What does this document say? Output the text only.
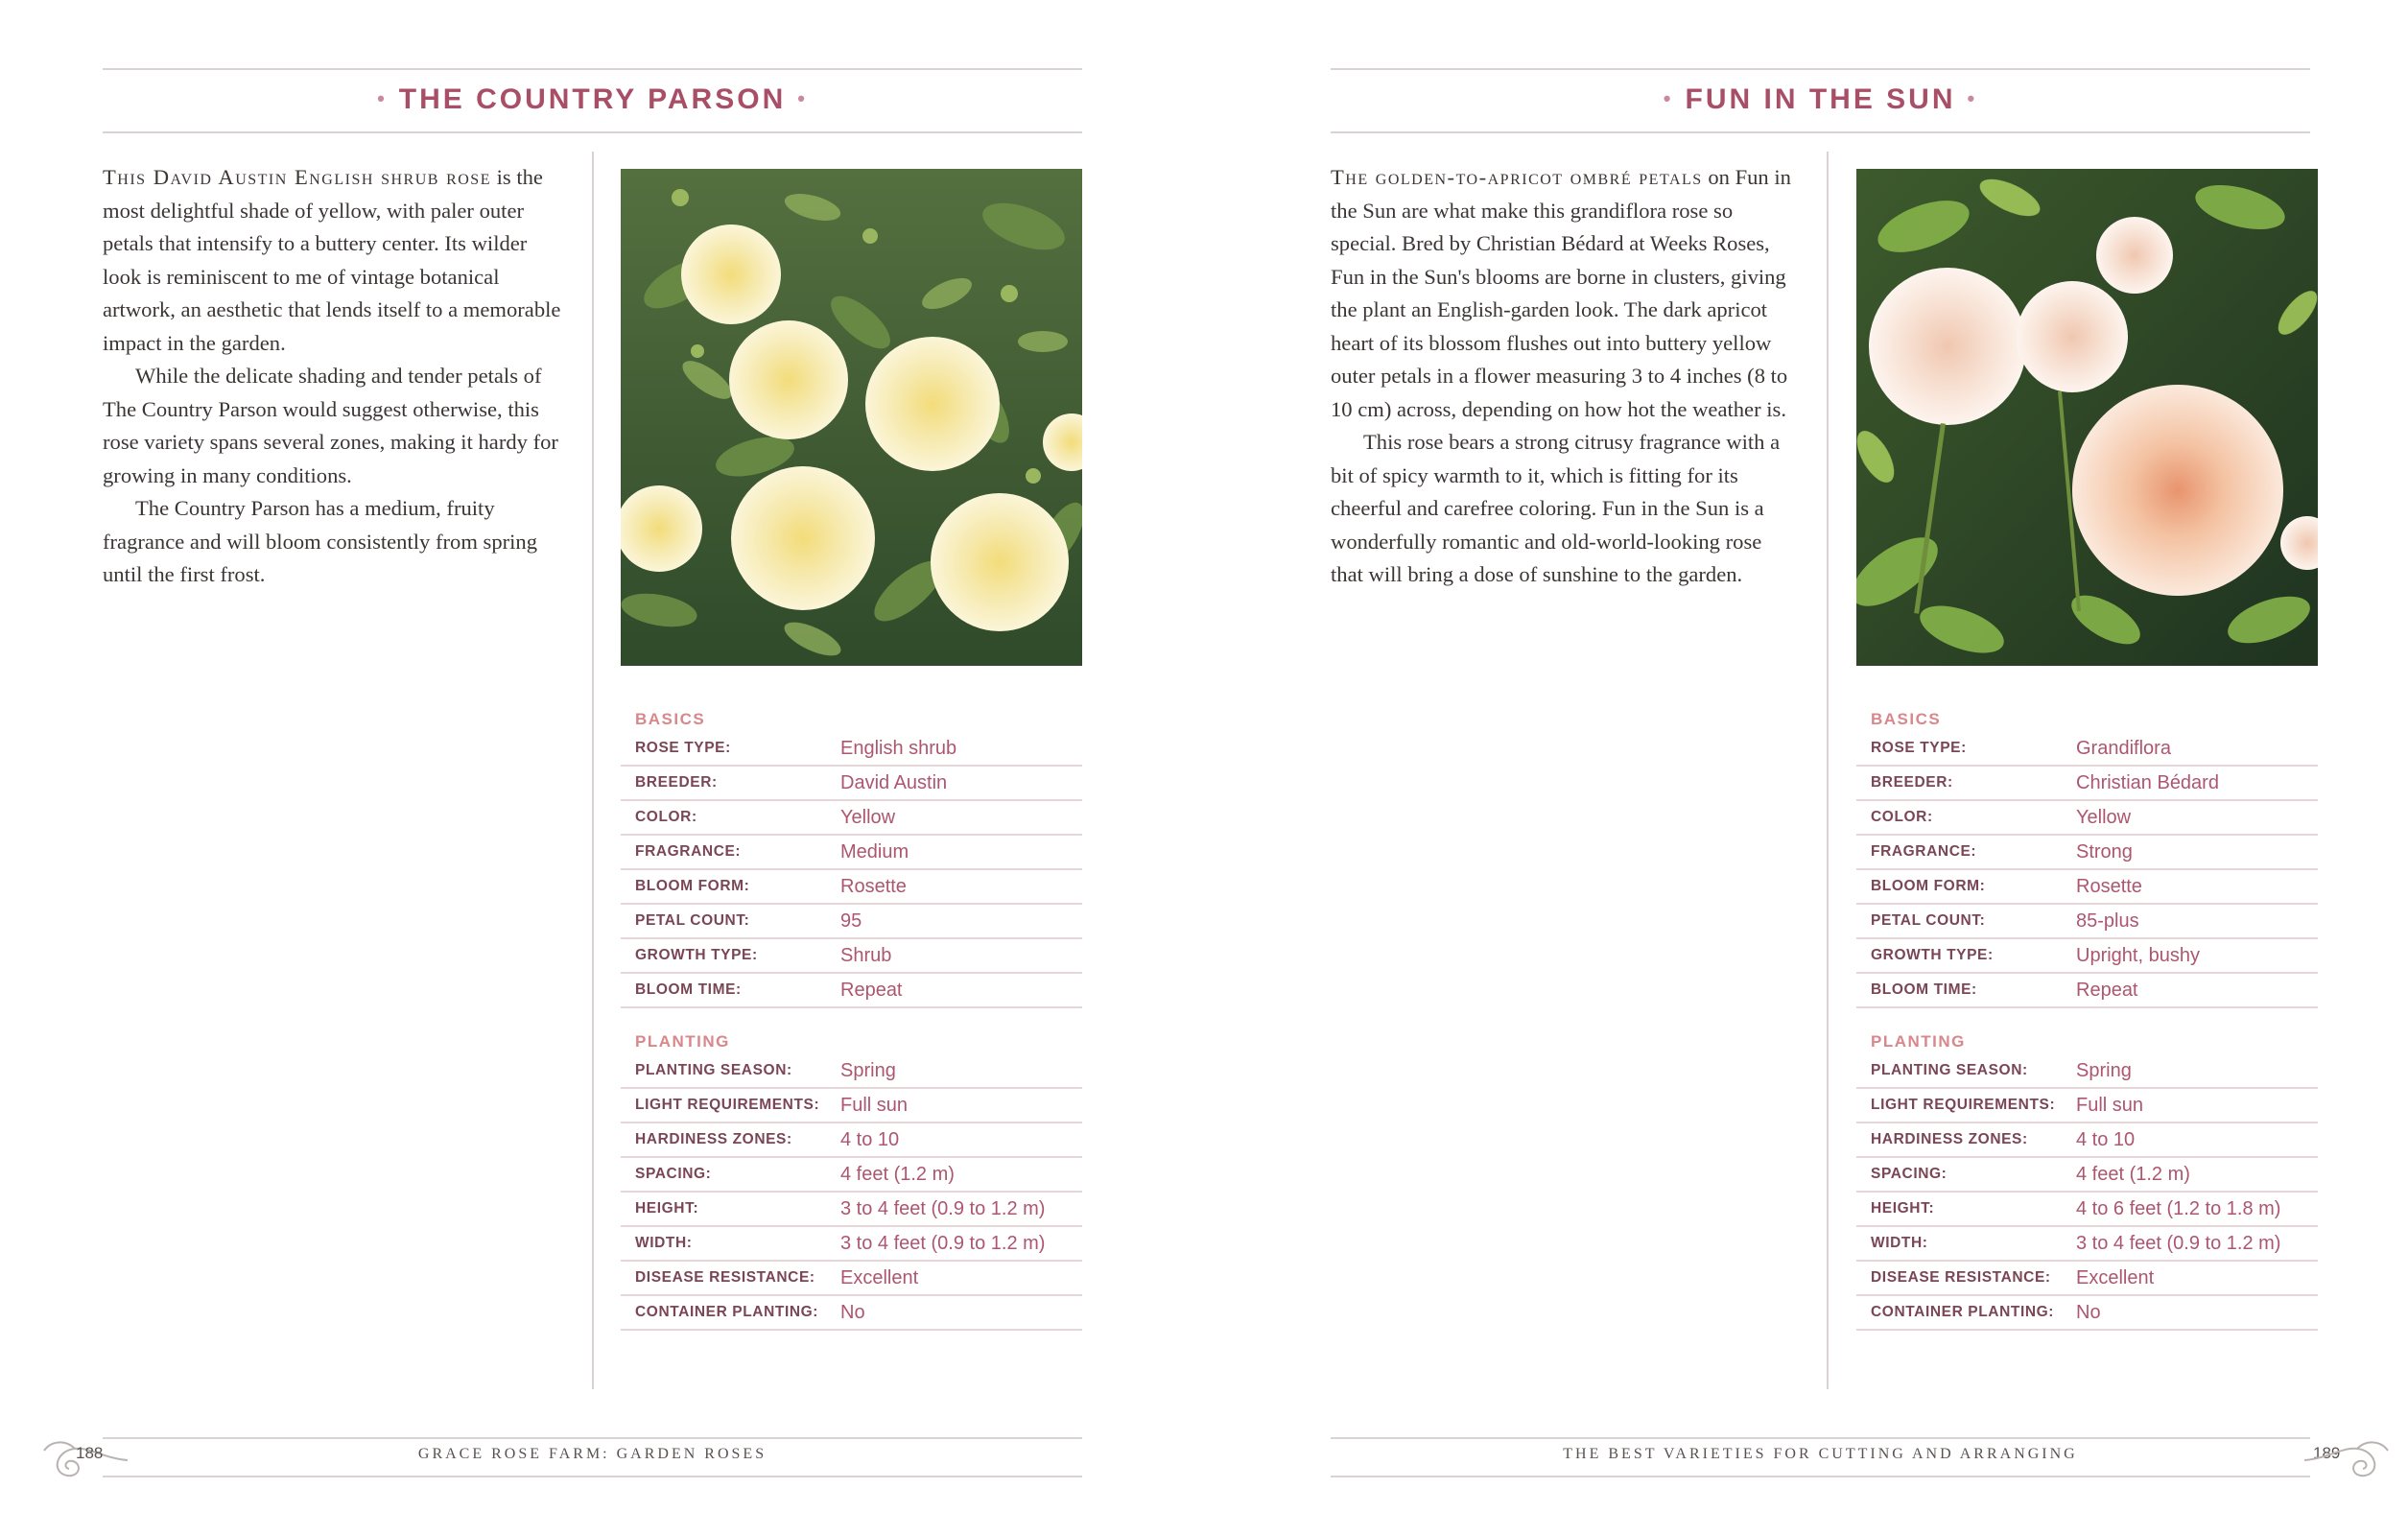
• THE COUNTRY PARSON •

This David Austin English shrub rose is the most delightful shade of yellow, with paler outer petals that intensify to a buttery center. Its wilder look is reminiscent to me of vintage botanical artwork, an aesthetic that lends itself to a memorable impact in the garden.

While the delicate shading and tender petals of The Country Parson would suggest otherwise, this rose variety spans several zones, making it hardy for growing in many conditions.

The Country Parson has a medium, fruity fragrance and will bloom consistently from spring until the first frost.

BASICS
ROSE TYPE:	English shrub
BREEDER:	David Austin
COLOR:	Yellow
FRAGRANCE:	Medium
BLOOM FORM:	Rosette
PETAL COUNT:	95
GROWTH TYPE:	Shrub
BLOOM TIME:	Repeat
PLANTING
PLANTING SEASON:	Spring
LIGHT REQUIREMENTS:	Full sun
HARDINESS ZONES:	4 to 10
SPACING:	4 feet (1.2 m)
HEIGHT:	3 to 4 feet (0.9 to 1.2 m)
WIDTH:	3 to 4 feet (0.9 to 1.2 m)
DISEASE RESISTANCE:	Excellent
CONTAINER PLANTING:	No
188	GRACE ROSE FARM: GARDEN ROSES
• FUN IN THE SUN •

The golden-to-apricot ombré petals on Fun in the Sun are what make this grandiflora rose so special. Bred by Christian Bédard at Weeks Roses, Fun in the Sun's blooms are borne in clusters, giving the plant an English-garden look. The dark apricot heart of its blossom flushes out into buttery yellow outer petals in a flower measuring 3 to 4 inches (8 to 10 cm) across, depending on how hot the weather is.

This rose bears a strong citrusy fragrance with a bit of spicy warmth to it, which is fitting for its cheerful and carefree coloring. Fun in the Sun is a wonderfully romantic and old-world-looking rose that will bring a dose of sunshine to the garden.

BASICS
ROSE TYPE:	Grandiflora
BREEDER:	Christian Bédard
COLOR:	Yellow
FRAGRANCE:	Strong
BLOOM FORM:	Rosette
PETAL COUNT:	85-plus
GROWTH TYPE:	Upright, bushy
BLOOM TIME:	Repeat
PLANTING
PLANTING SEASON:	Spring
LIGHT REQUIREMENTS:	Full sun
HARDINESS ZONES:	4 to 10
SPACING:	4 feet (1.2 m)
HEIGHT:	4 to 6 feet (1.2 to 1.8 m)
WIDTH:	3 to 4 feet (0.9 to 1.2 m)
DISEASE RESISTANCE:	Excellent
CONTAINER PLANTING:	No
THE BEST VARIETIES FOR CUTTING AND ARRANGING	189
